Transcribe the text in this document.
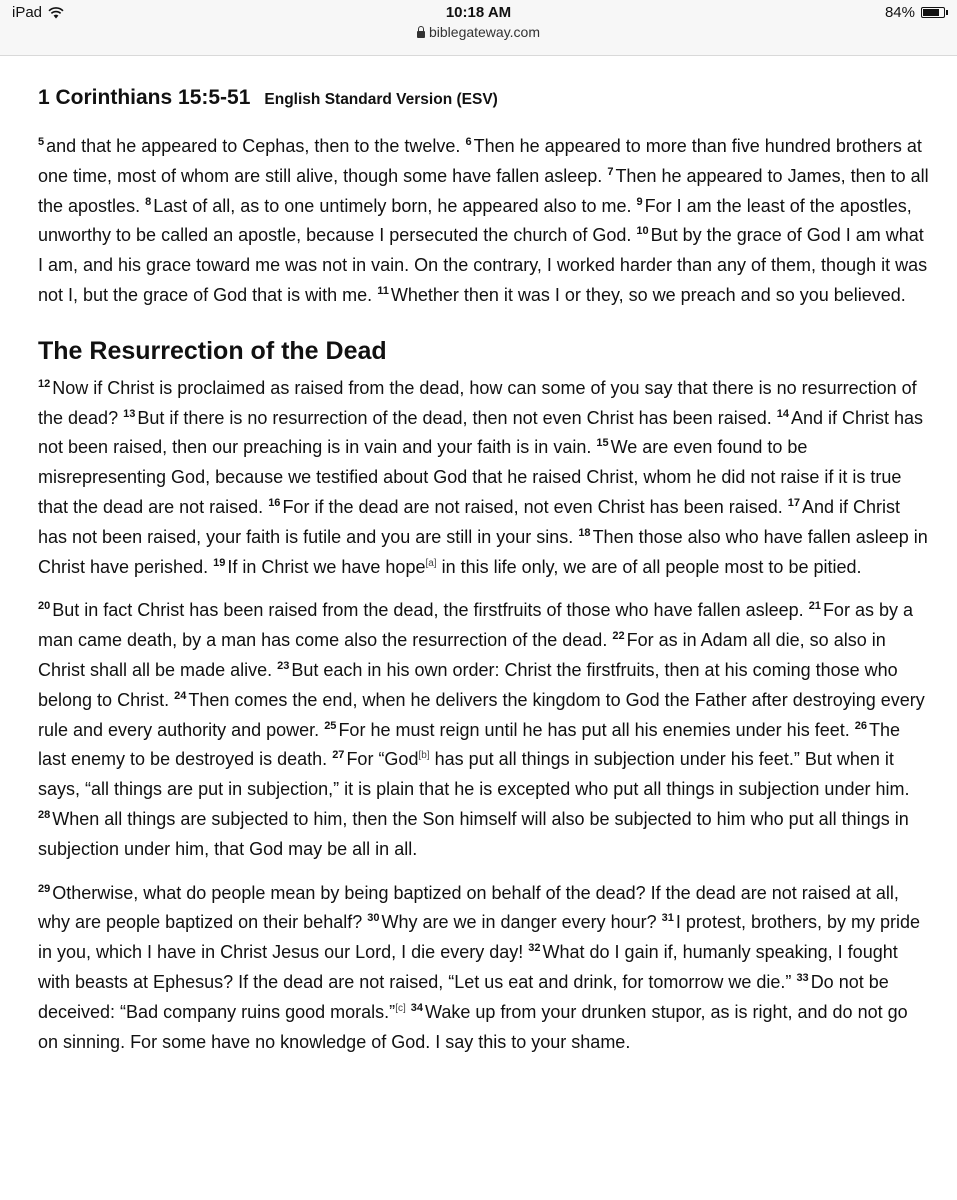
iPad	10:18 AM
biblegateway.com
84%
1 Corinthians 15:5-51 English Standard Version (ESV)

$^5$ and that he appeared to Cephas, then to the twelve. $^6$ Then he appeared to more than five hundred brothers at one time, most of whom are still alive, though some have fallen asleep. $^7$ Then he appeared to James, then to all the apostles. $^8$ Last of all, as to one untimely born, he appeared also to me. $^9$ For I am the least of the apostles, unworthy to be called an apostle, because I persecuted the church of God. $^{10}$ But by the grace of God I am what I am, and his grace toward me was not in vain. On the contrary, I worked harder than any of them, though it was not I, but the grace of God that is with me. $^{11}$ Whether then it was I or they, so we preach and so you believed.

The Resurrection of the Dead

$^{12}$ Now if Christ is proclaimed as raised from the dead, how can some of you say that there is no resurrection of the dead? $^{13}$ But if there is no resurrection of the dead, then not even Christ has been raised. $^{14}$ And if Christ has not been raised, then our preaching is in vain and your faith is in vain. $^{15}$ We are even found to be misrepresenting God, because we testified about God that he raised Christ, whom he did not raise if it is true that the dead are not raised. $^{16}$ For if the dead are not raised, not even Christ has been raised. $^{17}$ And if Christ has not been raised, your faith is futile and you are still in your sins. $^{18}$ Then those also who have fallen asleep in Christ have perished. $^{19}$ If in Christ we have hope[a] in this life only, we are of all people most to be pitied.

$^{20}$ But in fact Christ has been raised from the dead, the firstfruits of those who have fallen asleep. $^{21}$ For as by a man came death, by a man has come also the resurrection of the dead. $^{22}$ For as in Adam all die, so also in Christ shall all be made alive. $^{23}$ But each in his own order: Christ the firstfruits, then at his coming those who belong to Christ. $^{24}$ Then comes the end, when he delivers the kingdom to God the Father after destroying every rule and every authority and power. $^{25}$ For he must reign until he has put all his enemies under his feet. $^{26}$ The last enemy to be destroyed is death. $^{27}$ For “God[b] has put all things in subjection under his feet.” But when it says, “all things are put in subjection,” it is plain that he is excepted who put all things in subjection under him. $^{28}$ When all things are subjected to him, then the Son himself will also be subjected to him who put all things in subjection under him, that God may be all in all.

$^{29}$ Otherwise, what do people mean by being baptized on behalf of the dead? If the dead are not raised at all, why are people baptized on their behalf? $^{30}$ Why are we in danger every hour? $^{31}$ I protest, brothers, by my pride in you, which I have in Christ Jesus our Lord, I die every day! $^{32}$ What do I gain if, humanly speaking, I fought with beasts at Ephesus? If the dead are not raised, “Let us eat and drink, for tomorrow we die.” $^{33}$ Do not be deceived: “Bad company ruins good morals.”[c] $^{34}$ Wake up from your drunken stupor, as is right, and do not go on sinning. For some have no knowledge of God. I say this to your shame.
